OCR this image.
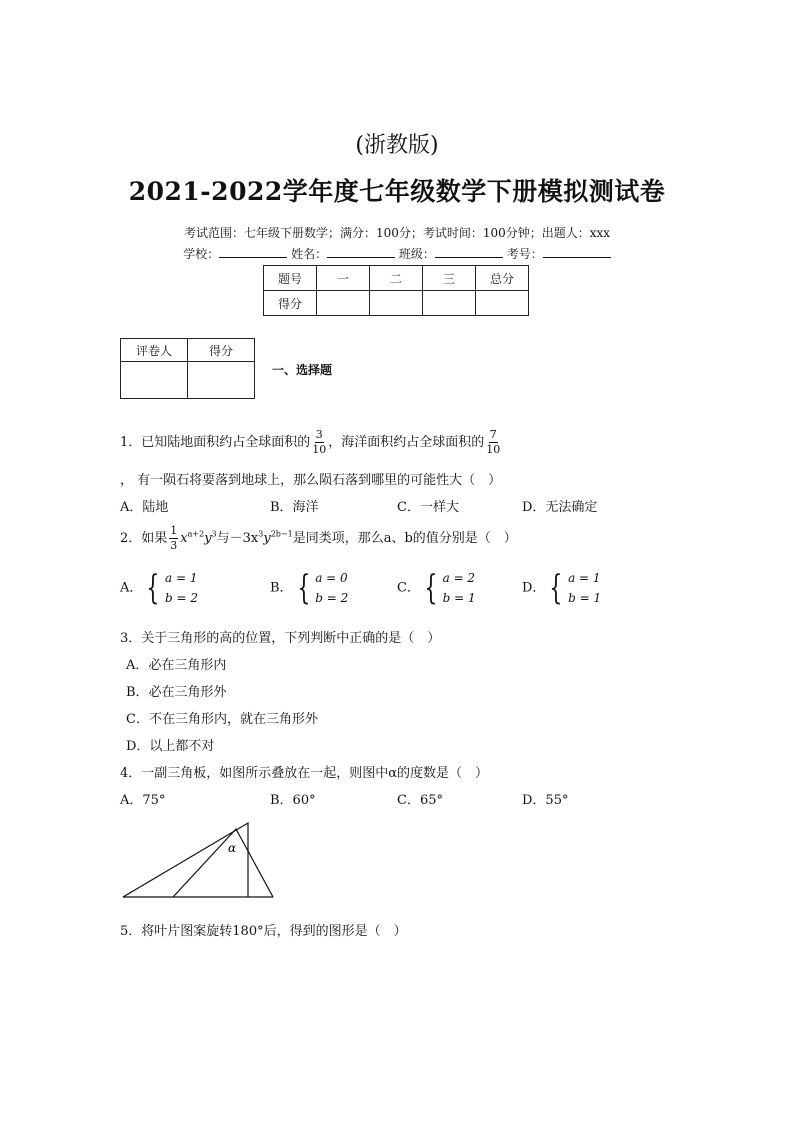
(浙教版)
2021-2022学年度七年级数学下册模拟测试卷
考试范围：七年级下册数学；满分：100分；考试时间：100分钟；出题人：xxx
学校：	姓名：	班级：	考号：
题号	一	二	三	总分
得分				
评卷人	得分

一、选择题
1．已知陆地面积约占全球面积的 $\frac{3}{10}$ ，海洋面积约占全球面积的 $\frac{7}{10}$
， 有一陨石将要落到地球上，那么陨石落到哪里的可能性大（　）
A．陆地	B．海洋	C．一样大	D．无法确定
2．如果 $\frac{1}{3} x^{a+2}y^3$与$-3x^3y^{2b-1}$是同类项，那么a、b的值分别是（　）
A． { a = 1
b = 2
B． { a = 0
b = 2
C． { a = 2
b = 1
D． { a = 1
b = 1
3．关于三角形的高的位置，下列判断中正确的是（　）
A．必在三角形内
B．必在三角形外
C．不在三角形内，就在三角形外
D．以上都不对
4．一副三角板，如图所示叠放在一起，则图中α的度数是（　）
A．75°	B．60°	C．65°	D．55°
α
5．将叶片图案旋转180°后，得到的图形是（　）
